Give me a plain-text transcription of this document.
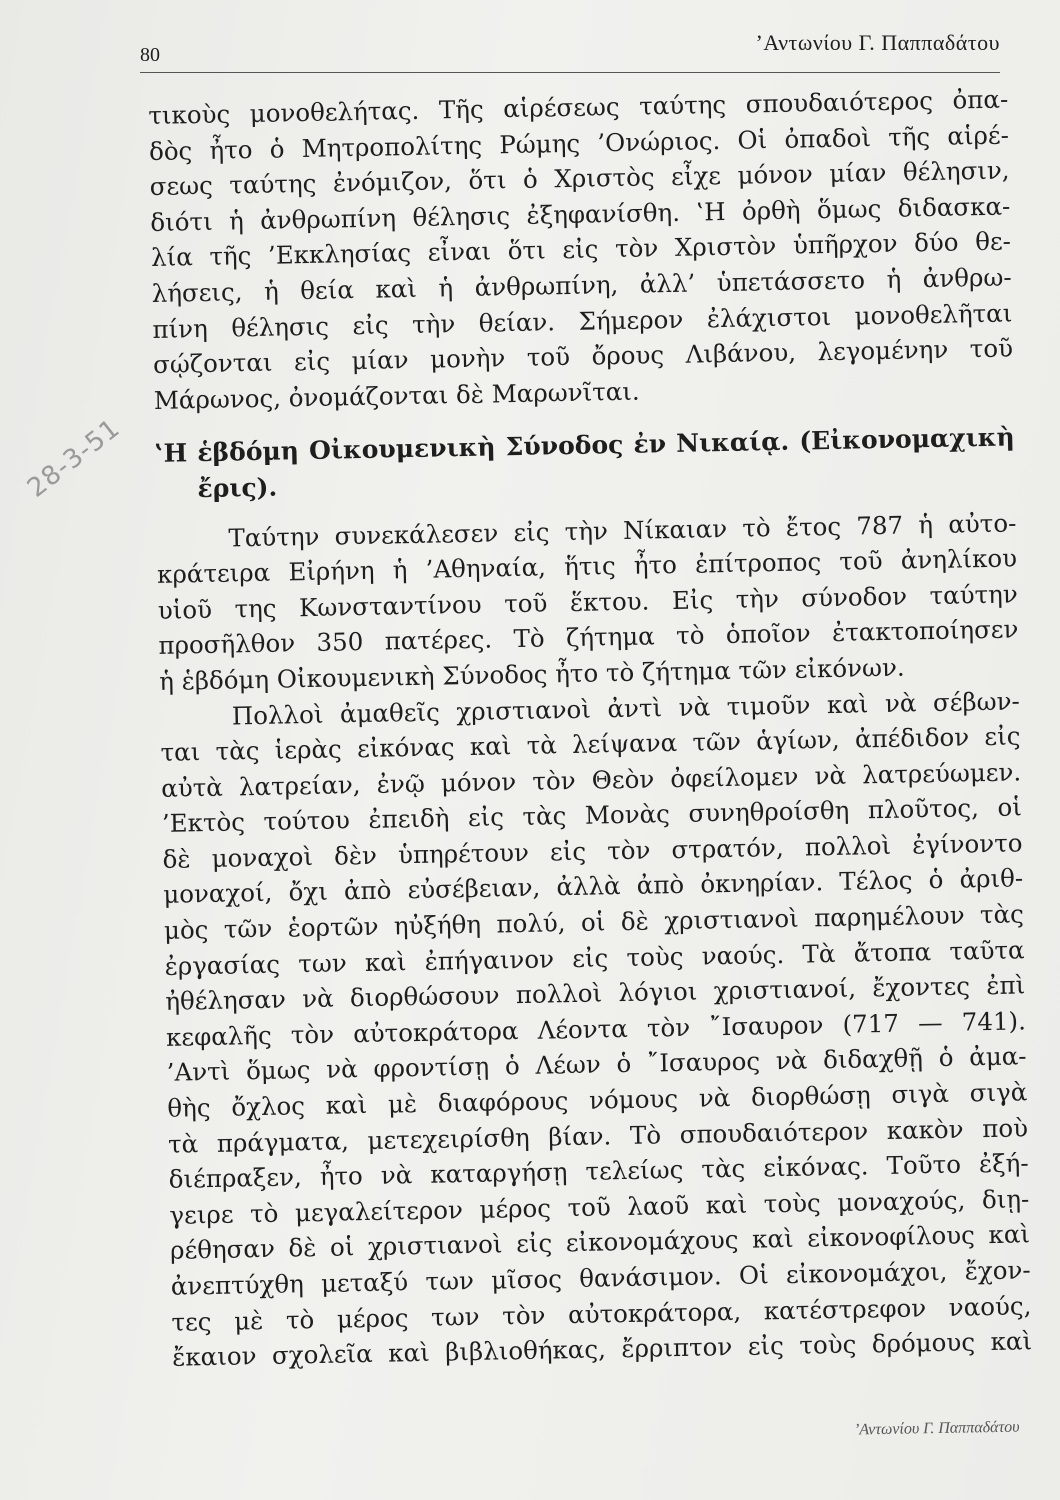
80	’Αντωνίου Γ. Παππαδάτου
28-3-51
τικοὺς μονοθελήτας. Τῆς αἱρέσεως ταύτης σπουδαιότερος ὀπα-
δὸς ἦτο ὁ Μητροπολίτης Ρώμης ’Ονώριος. Οἱ ὀπαδοὶ τῆς αἱρέ-
σεως ταύτης ἐνόμιζον, ὅτι ὁ Χριστὸς εἶχε μόνον μίαν θέλησιν,
διότι ἡ ἀνθρωπίνη θέλησις ἐξηφανίσθη. ‛Η ὀρθὴ ὅμως διδασκα-
λία τῆς ’Εκκλησίας εἶναι ὅτι εἰς τὸν Χριστὸν ὑπῆρχον δύο θε-
λήσεις, ἡ θεία καὶ ἡ ἀνθρωπίνη, ἀλλ’ ὑπετάσσετο ἡ ἀνθρω-
πίνη θέλησις εἰς τὴν θείαν. Σήμερον ἐλάχιστοι μονοθελῆται
σῴζονται εἰς μίαν μονὴν τοῦ ὄρους Λιβάνου, λεγομένην τοῦ
Μάρωνος, ὀνομάζονται δὲ Μαρωνῖται.
‛Η ἑβδόμη Οἰκουμενικὴ Σύνοδος ἐν Νικαίᾳ. (Εἰκονομαχικὴ
ἔρις).
Ταύτην συνεκάλεσεν εἰς τὴν Νίκαιαν τὸ ἔτος 787 ἡ αὐτο-
κράτειρα Εἰρήνη ἡ ’Αθηναία, ἥτις ἦτο ἐπίτροπος τοῦ ἀνηλίκου
υἱοῦ της Κωνσταντίνου τοῦ ἕκτου. Εἰς τὴν σύνοδον ταύτην
προσῆλθον 350 πατέρες. Τὸ ζήτημα τὸ ὁποῖον ἐτακτοποίησεν
ἡ ἑβδόμη Οἰκουμενικὴ Σύνοδος ἦτο τὸ ζήτημα τῶν εἰκόνων.
Πολλοὶ ἀμαθεῖς χριστιανοὶ ἀντὶ νὰ τιμοῦν καὶ νὰ σέβων-
ται τὰς ἱερὰς εἰκόνας καὶ τὰ λείψανα τῶν ἁγίων, ἀπέδιδον εἰς
αὐτὰ λατρείαν, ἐνῷ μόνον τὸν Θεὸν ὀφείλομεν νὰ λατρεύωμεν.
’Εκτὸς τούτου ἐπειδὴ εἰς τὰς Μονὰς συνηθροίσθη πλοῦτος, οἱ
δὲ μοναχοὶ δὲν ὑπηρέτουν εἰς τὸν στρατόν, πολλοὶ ἐγίνοντο
μοναχοί, ὄχι ἀπὸ εὐσέβειαν, ἀλλὰ ἀπὸ ὀκνηρίαν. Τέλος ὁ ἀριθ-
μὸς τῶν ἑορτῶν ηὐξήθη πολύ, οἱ δὲ χριστιανοὶ παρημέλουν τὰς
ἐργασίας των καὶ ἐπήγαινον εἰς τοὺς ναούς. Τὰ ἄτοπα ταῦτα
ἠθέλησαν νὰ διορθώσουν πολλοὶ λόγιοι χριστιανοί, ἔχοντες ἐπὶ
κεφαλῆς τὸν αὐτοκράτορα Λέοντα τὸν ῎Ισαυρον (717 — 741).
’Αντὶ ὅμως νὰ φροντίσῃ ὁ Λέων ὁ ῎Ισαυρος νὰ διδαχθῇ ὁ ἀμα-
θὴς ὄχλος καὶ μὲ διαφόρους νόμους νὰ διορθώσῃ σιγὰ σιγὰ
τὰ πράγματα, μετεχειρίσθη βίαν. Τὸ σπουδαιότερον κακὸν ποὺ
διέπραξεν, ἦτο νὰ καταργήσῃ τελείως τὰς εἰκόνας. Τοῦτο ἐξή-
γειρε τὸ μεγαλείτερον μέρος τοῦ λαοῦ καὶ τοὺς μοναχούς, διῃ-
ρέθησαν δὲ οἱ χριστιανοὶ εἰς εἰκονομάχους καὶ εἰκονοφίλους καὶ
ἀνεπτύχθη μεταξύ των μῖσος θανάσιμον. Οἱ εἰκονομάχοι, ἔχον-
τες μὲ τὸ μέρος των τὸν αὐτοκράτορα, κατέστρεφον ναούς,
ἔκαιον σχολεῖα καὶ βιβλιοθήκας, ἔρριπτον εἰς τοὺς δρόμους καὶ
’Αντωνίου Γ. Παππαδάτου
